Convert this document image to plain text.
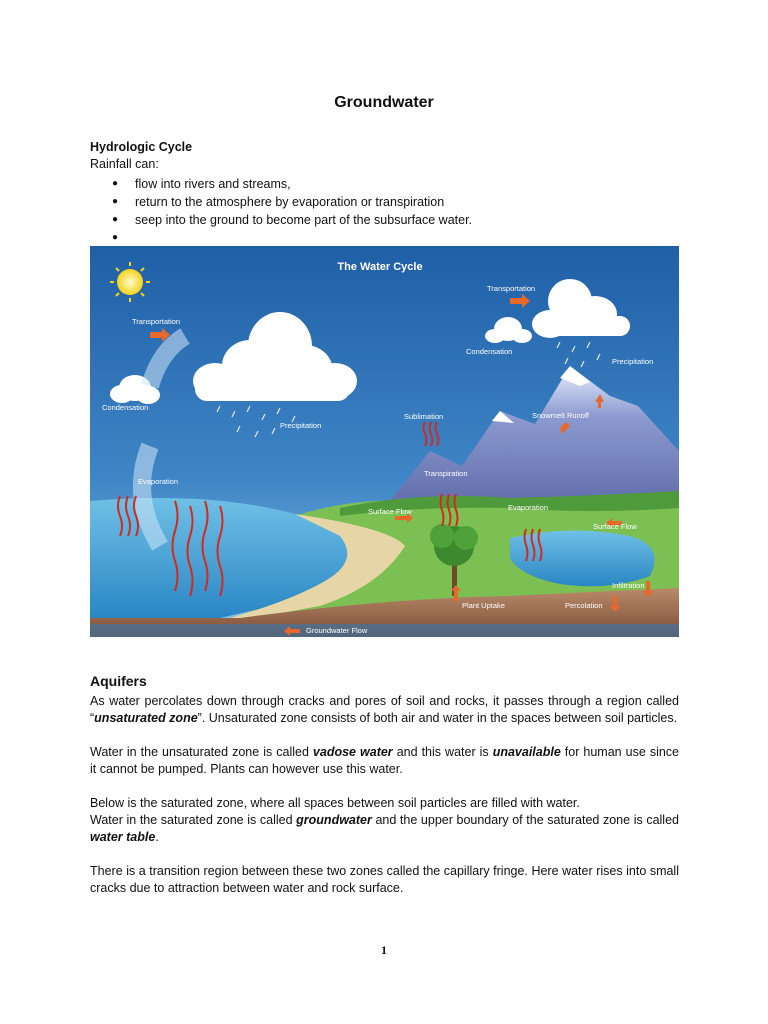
Groundwater
Hydrologic Cycle
Rainfall can:
● flow into rivers and streams,
● return to the atmosphere by evaporation or transpiration
● seep into the ground to become part of the subsurface water.
●
The Water Cycle
Transportation
Transportation
Condensation
Condensation
Precipitation
Precipitation
Evaporation
Evaporation
Sublimation	Snowmelt Runoff
Transpiration
Surface Flow
Surface Flow
Infiltration
Plant Uptake	Percolation
Groundwater Flow
Aquifers

As water percolates down through cracks and pores of soil and rocks, it passes through a region called “unsaturated zone”. Unsaturated zone consists of both air and water in the spaces between soil particles.

Water in the unsaturated zone is called vadose water and this water is unavailable for human use since it cannot be pumped. Plants can however use this water.

Below is the saturated zone, where all spaces between soil particles are filled with water.
Water in the saturated zone is called groundwater and the upper boundary of the saturated zone is called water table.

There is a transition region between these two zones called the capillary fringe. Here water rises into small cracks due to attraction between water and rock surface.

1
